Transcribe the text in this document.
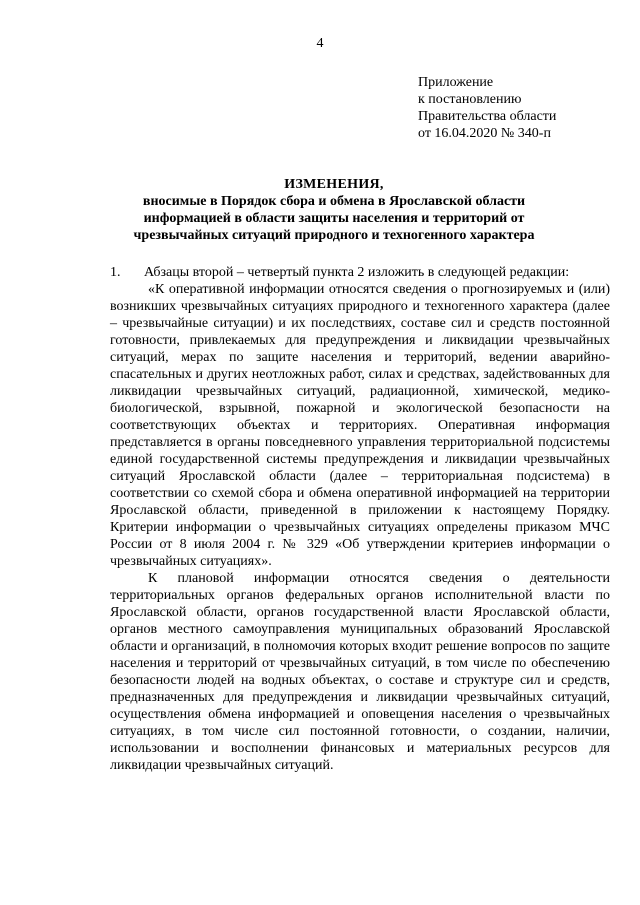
4
Приложение
к постановлению
Правительства области
от 16.04.2020 № 340-п
ИЗМЕНЕНИЯ,
вносимые в Порядок сбора и обмена в Ярославской области
информацией в области защиты населения и территорий от
чрезвычайных ситуаций природного и техногенного характера

1. Абзацы второй – четвертый пункта 2 изложить в следующей редакции:

«К оперативной информации относятся сведения о прогнозируемых и (или) возникших чрезвычайных ситуациях природного и техногенного характера (далее – чрезвычайные ситуации) и их последствиях, составе сил и средств постоянной готовности, привлекаемых для предупреждения и ликвидации чрезвычайных ситуаций, мерах по защите населения и территорий, ведении аварийно-спасательных и других неотложных работ, силах и средствах, задействованных для ликвидации чрезвычайных ситуаций, радиационной, химической, медико-биологической, взрывной, пожарной и экологической безопасности на соответствующих объектах и территориях. Оперативная информация представляется в органы повседневного управления территориальной подсистемы единой государственной системы предупреждения и ликвидации чрезвычайных ситуаций Ярославской области (далее – территориальная подсистема) в соответствии со схемой сбора и обмена оперативной информацией на территории Ярославской области, приведенной в приложении к настоящему Порядку. Критерии информации о чрезвычайных ситуациях определены приказом МЧС России от 8 июля 2004 г. № 329 «Об утверждении критериев информации о чрезвычайных ситуациях».

К плановой информации относятся сведения о деятельности территориальных органов федеральных органов исполнительной власти по Ярославской области, органов государственной власти Ярославской области, органов местного самоуправления муниципальных образований Ярославской области и организаций, в полномочия которых входит решение вопросов по защите населения и территорий от чрезвычайных ситуаций, в том числе по обеспечению безопасности людей на водных объектах, о составе и структуре сил и средств, предназначенных для предупреждения и ликвидации чрезвычайных ситуаций, осуществления обмена информацией и оповещения населения о чрезвычайных ситуациях, в том числе сил постоянной готовности, о создании, наличии, использовании и восполнении финансовых и материальных ресурсов для ликвидации чрезвычайных ситуаций.
